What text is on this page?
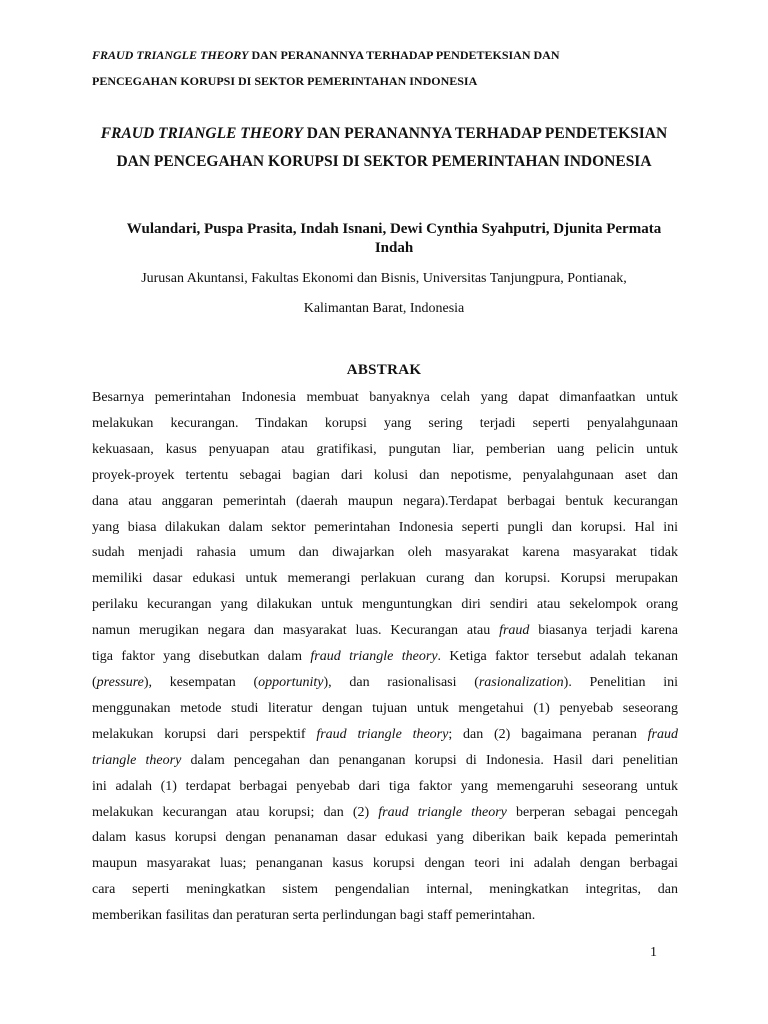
FRAUD TRIANGLE THEORY DAN PERANANNYA TERHADAP PENDETEKSIAN DAN
PENCEGAHAN KORUPSI DI SEKTOR PEMERINTAHAN INDONESIA
FRAUD TRIANGLE THEORY DAN PERANANNYA TERHADAP PENDETEKSIAN
DAN PENCEGAHAN KORUPSI DI SEKTOR PEMERINTAHAN INDONESIA
Wulandari, Puspa Prasita, Indah Isnani, Dewi Cynthia Syahputri, Djunita Permata Indah
Jurusan Akuntansi, Fakultas Ekonomi dan Bisnis, Universitas Tanjungpura, Pontianak,
Kalimantan Barat, Indonesia
ABSTRAK
Besarnya pemerintahan Indonesia membuat banyaknya celah yang dapat dimanfaatkan untuk
melakukan kecurangan. Tindakan korupsi yang sering terjadi seperti penyalahgunaan
kekuasaan, kasus penyuapan atau gratifikasi, pungutan liar, pemberian uang pelicin untuk
proyek-proyek tertentu sebagai bagian dari kolusi dan nepotisme, penyalahgunaan aset dan
dana atau anggaran pemerintah (daerah maupun negara).Terdapat berbagai bentuk kecurangan
yang biasa dilakukan dalam sektor pemerintahan Indonesia seperti pungli dan korupsi. Hal ini
sudah menjadi rahasia umum dan diwajarkan oleh masyarakat karena masyarakat tidak
memiliki dasar edukasi untuk memerangi perlakuan curang dan korupsi. Korupsi merupakan
perilaku kecurangan yang dilakukan untuk menguntungkan diri sendiri atau sekelompok orang
namun merugikan negara dan masyarakat luas. Kecurangan atau fraud biasanya terjadi karena
tiga faktor yang disebutkan dalam fraud triangle theory. Ketiga faktor tersebut adalah tekanan
(pressure), kesempatan (opportunity), dan rasionalisasi (rasionalization). Penelitian ini
menggunakan metode studi literatur dengan tujuan untuk mengetahui (1) penyebab seseorang
melakukan korupsi dari perspektif fraud triangle theory; dan (2) bagaimana peranan fraud
triangle theory dalam pencegahan dan penanganan korupsi di Indonesia. Hasil dari penelitian
ini adalah (1) terdapat berbagai penyebab dari tiga faktor yang memengaruhi seseorang untuk
melakukan kecurangan atau korupsi; dan (2) fraud triangle theory berperan sebagai pencegah
dalam kasus korupsi dengan penanaman dasar edukasi yang diberikan baik kepada pemerintah
maupun masyarakat luas; penanganan kasus korupsi dengan teori ini adalah dengan berbagai
cara seperti meningkatkan sistem pengendalian internal, meningkatkan integritas, dan
memberikan fasilitas dan peraturan serta perlindungan bagi staff pemerintahan.
1
